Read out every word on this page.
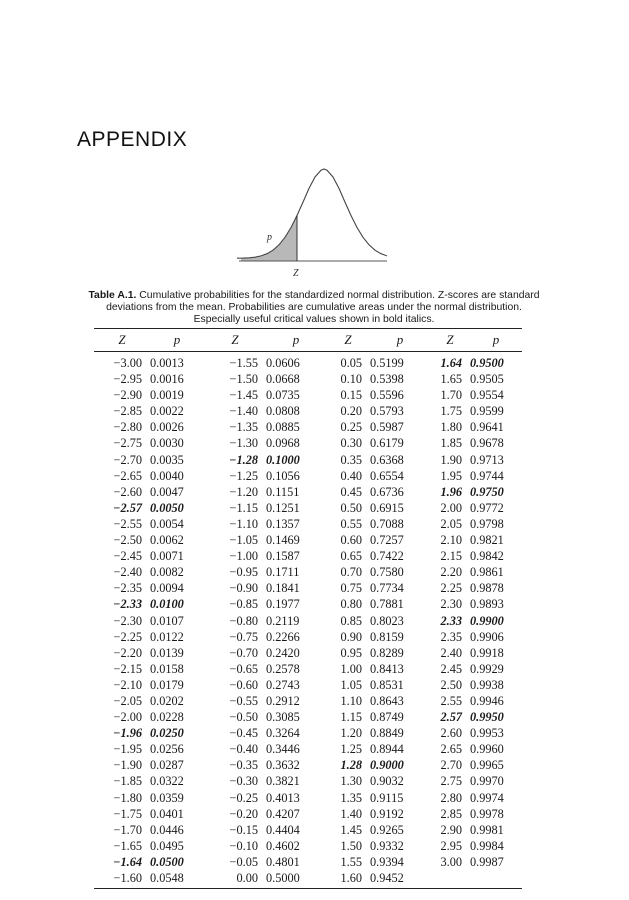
APPENDIX
p
Z
Table A.1. Cumulative probabilities for the standardized normal distribution. Z-scores are standard deviations from the mean. Probabilities are cumulative areas under the normal distribution. Especially useful critical values shown in bold italics.
Z	p	Z	p	Z	p	Z	p
−3.00	0.0013	−1.55	0.0606	0.05	0.5199	1.64	0.9500
−2.95	0.0016	−1.50	0.0668	0.10	0.5398	1.65	0.9505
−2.90	0.0019	−1.45	0.0735	0.15	0.5596	1.70	0.9554
−2.85	0.0022	−1.40	0.0808	0.20	0.5793	1.75	0.9599
−2.80	0.0026	−1.35	0.0885	0.25	0.5987	1.80	0.9641
−2.75	0.0030	−1.30	0.0968	0.30	0.6179	1.85	0.9678
−2.70	0.0035	−1.28	0.1000	0.35	0.6368	1.90	0.9713
−2.65	0.0040	−1.25	0.1056	0.40	0.6554	1.95	0.9744
−2.60	0.0047	−1.20	0.1151	0.45	0.6736	1.96	0.9750
−2.57	0.0050	−1.15	0.1251	0.50	0.6915	2.00	0.9772
−2.55	0.0054	−1.10	0.1357	0.55	0.7088	2.05	0.9798
−2.50	0.0062	−1.05	0.1469	0.60	0.7257	2.10	0.9821
−2.45	0.0071	−1.00	0.1587	0.65	0.7422	2.15	0.9842
−2.40	0.0082	−0.95	0.1711	0.70	0.7580	2.20	0.9861
−2.35	0.0094	−0.90	0.1841	0.75	0.7734	2.25	0.9878
−2.33	0.0100	−0.85	0.1977	0.80	0.7881	2.30	0.9893
−2.30	0.0107	−0.80	0.2119	0.85	0.8023	2.33	0.9900
−2.25	0.0122	−0.75	0.2266	0.90	0.8159	2.35	0.9906
−2.20	0.0139	−0.70	0.2420	0.95	0.8289	2.40	0.9918
−2.15	0.0158	−0.65	0.2578	1.00	0.8413	2.45	0.9929
−2.10	0.0179	−0.60	0.2743	1.05	0.8531	2.50	0.9938
−2.05	0.0202	−0.55	0.2912	1.10	0.8643	2.55	0.9946
−2.00	0.0228	−0.50	0.3085	1.15	0.8749	2.57	0.9950
−1.96	0.0250	−0.45	0.3264	1.20	0.8849	2.60	0.9953
−1.95	0.0256	−0.40	0.3446	1.25	0.8944	2.65	0.9960
−1.90	0.0287	−0.35	0.3632	1.28	0.9000	2.70	0.9965
−1.85	0.0322	−0.30	0.3821	1.30	0.9032	2.75	0.9970
−1.80	0.0359	−0.25	0.4013	1.35	0.9115	2.80	0.9974
−1.75	0.0401	−0.20	0.4207	1.40	0.9192	2.85	0.9978
−1.70	0.0446	−0.15	0.4404	1.45	0.9265	2.90	0.9981
−1.65	0.0495	−0.10	0.4602	1.50	0.9332	2.95	0.9984
−1.64	0.0500	−0.05	0.4801	1.55	0.9394	3.00	0.9987
−1.60	0.0548	0.00	0.5000	1.60	0.9452		
